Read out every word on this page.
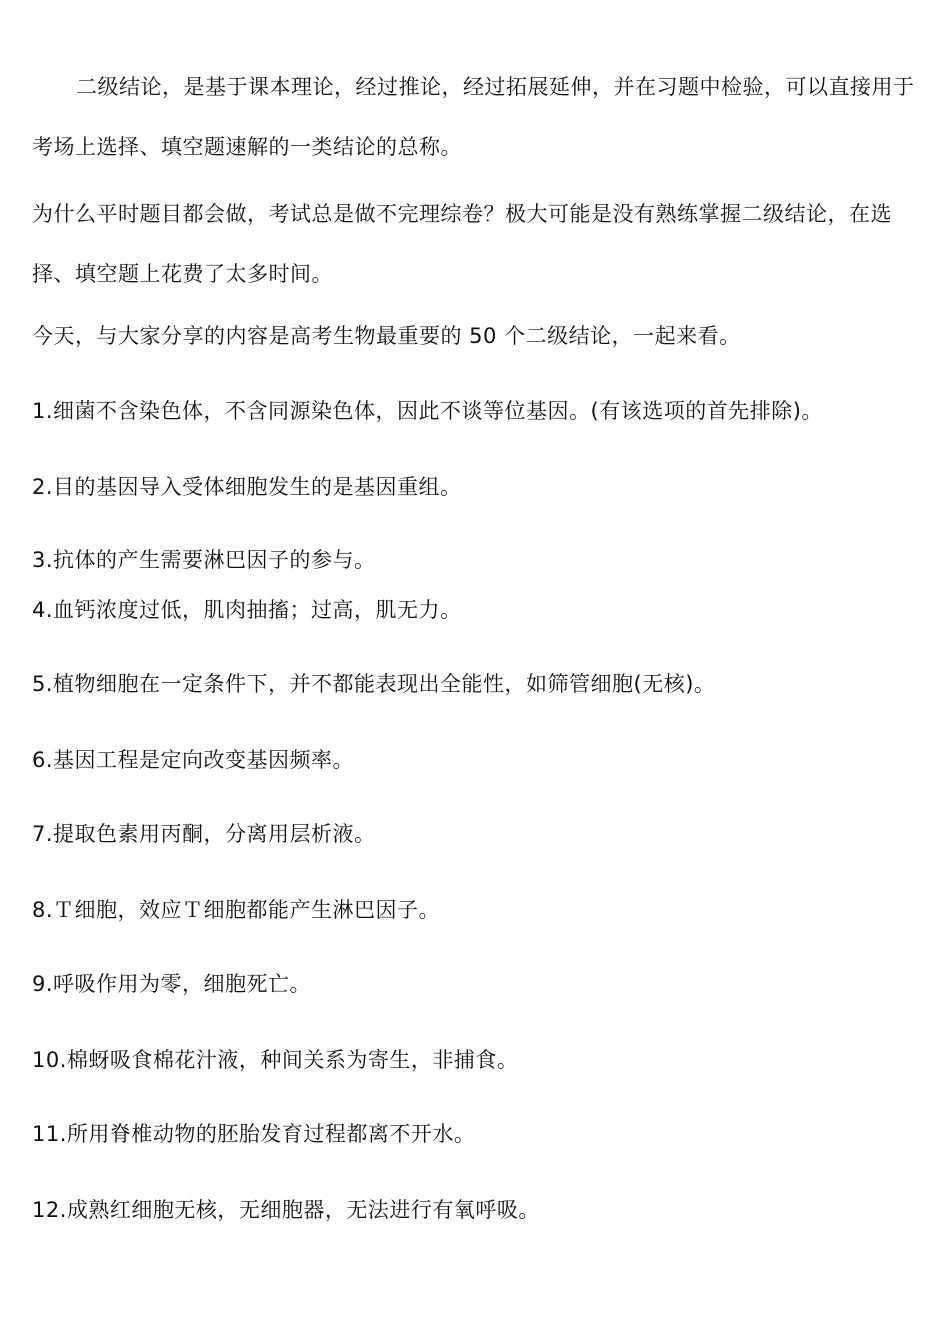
二级结论，是基于课本理论，经过推论，经过拓展延伸，并在习题中检验，可以直接用于考场上选择、填空题速解的一类结论的总称。

为什么平时题目都会做，考试总是做不完理综卷？极大可能是没有熟练掌握二级结论，在选择、填空题上花费了太多时间。

今天，与大家分享的内容是高考生物最重要的 50 个二级结论，一起来看。

1.细菌不含染色体，不含同源染色体，因此不谈等位基因。(有该选项的首先排除)。

2.目的基因导入受体细胞发生的是基因重组。

3.抗体的产生需要淋巴因子的参与。

4.血钙浓度过低，肌肉抽搐；过高，肌无力。

5.植物细胞在一定条件下，并不都能表现出全能性，如筛管细胞(无核)。

6.基因工程是定向改变基因频率。

7.提取色素用丙酮，分离用层析液。

8.Ｔ细胞，效应Ｔ细胞都能产生淋巴因子。

9.呼吸作用为零，细胞死亡。

10.棉蚜吸食棉花汁液，种间关系为寄生，非捕食。

11.所用脊椎动物的胚胎发育过程都离不开水。

12.成熟红细胞无核，无细胞器，无法进行有氧呼吸。
